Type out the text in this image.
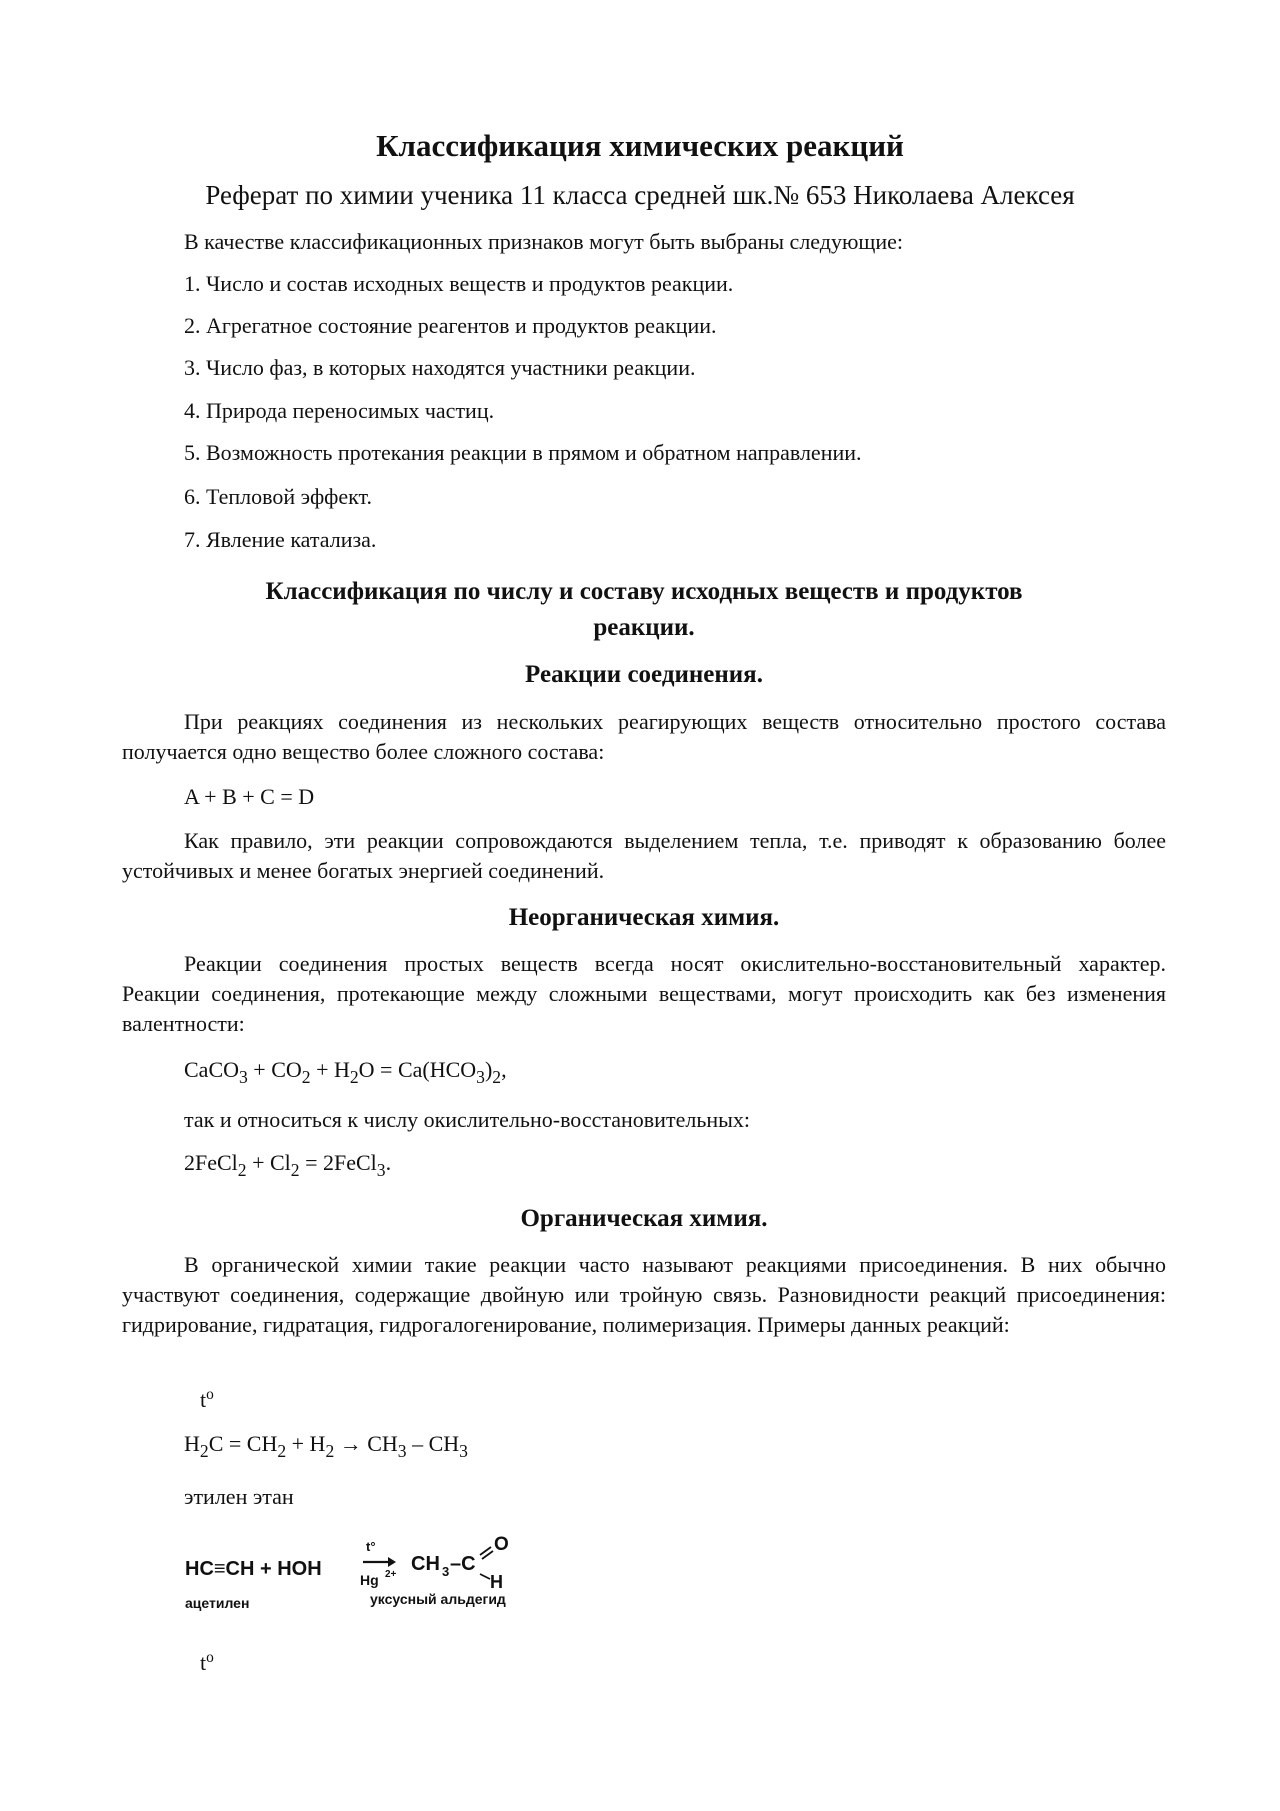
Классификация химических реакций
Реферат по химии ученика 11 класса средней шк.№ 653 Николаева Алексея
В качестве классификационных признаков могут быть выбраны следующие:
1. Число и состав исходных веществ и продуктов реакции.
2. Агрегатное состояние реагентов и продуктов реакции.
3. Число фаз, в которых находятся участники реакции.
4. Природа переносимых частиц.
5. Возможность протекания реакции в прямом и обратном направлении.
6. Тепловой эффект.
7. Явление катализа.
Классификация по числу и составу исходных веществ и продуктов
реакции.
Реакции соединения.
При реакциях соединения из нескольких реагирующих веществ относительно простого состава получается одно вещество более сложного состава:
A + B + C = D
Как правило, эти реакции сопровождаются выделением тепла, т.е. приводят к образованию более устойчивых и менее богатых энергией соединений.
Неорганическая химия.
Реакции соединения простых веществ всегда носят окислительно-восстановительный характер. Реакции соединения, протекающие между сложными веществами, могут происходить как без изменения валентности:
CaCO$_3$ + $CO_2 + H_2O = Ca(HCO_3)_2$,
так и относиться к числу окислительно-восстановительных:
2FeCl$_2$ + $Cl_2$ = 2FeCl$_3$.
Органическая химия.
В органической химии такие реакции часто называют реакциями присоединения. В них обычно участвуют соединения, содержащие двойную или тройную связь. Разновидности реакций присоединения: гидрирование, гидратация, гидрогалогенирование, полимеризация. Примеры данных реакций:
$t^o$
$H_2C = CH_2 + H_2 \to CH_3 - CH_3$
этилен этан
HC≡CH + HOH
t°
Hg 2+ CH 3 –C
O
H
ацетилен	уксусный альдегид
$t^o$
